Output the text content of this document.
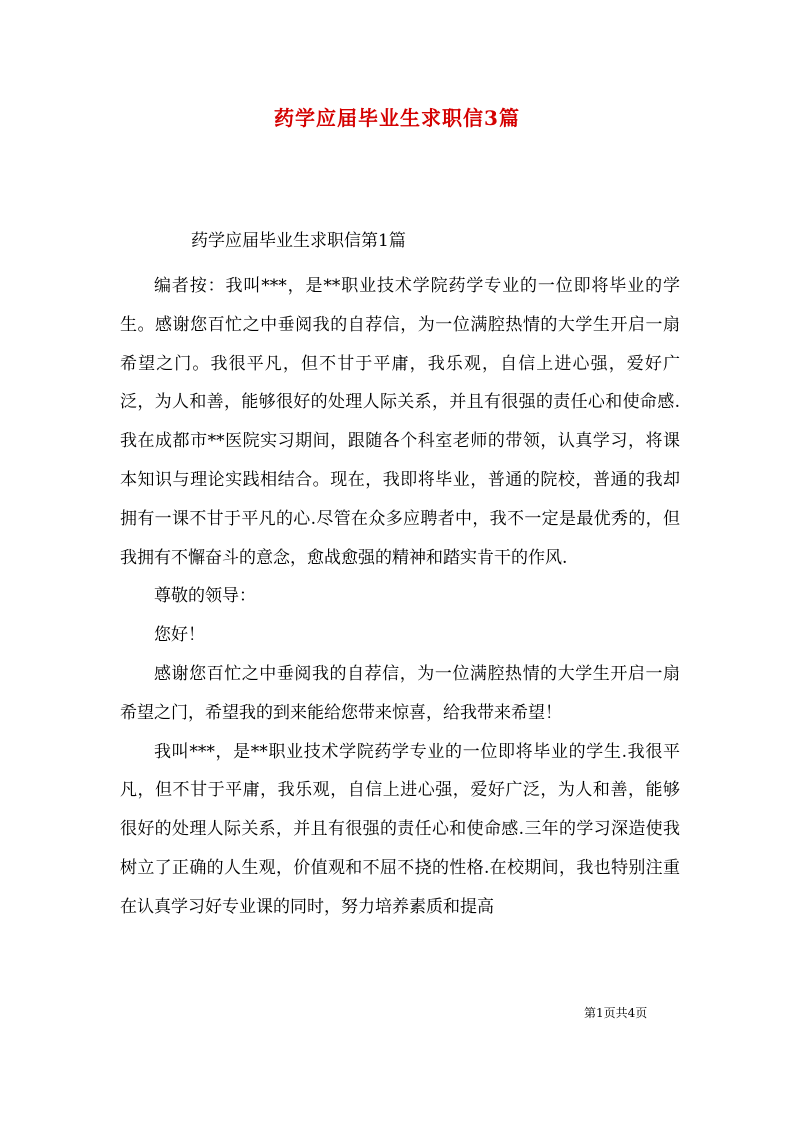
药学应届毕业生求职信3篇

药学应届毕业生求职信第1篇

编者按：我叫***，是**职业技术学院药学专业的一位即将毕业的学生。感谢您百忙之中垂阅我的自荐信，为一位满腔热情的大学生开启一扇希望之门。我很平凡，但不甘于平庸，我乐观，自信上进心强，爱好广泛，为人和善，能够很好的处理人际关系，并且有很强的责任心和使命感.我在成都市**医院实习期间，跟随各个科室老师的带领，认真学习，将课本知识与理论实践相结合。现在，我即将毕业，普通的院校，普通的我却拥有一课不甘于平凡的心.尽管在众多应聘者中，我不一定是最优秀的，但我拥有不懈奋斗的意念，愈战愈强的精神和踏实肯干的作风.

尊敬的领导：

您好！

感谢您百忙之中垂阅我的自荐信，为一位满腔热情的大学生开启一扇希望之门，希望我的到来能给您带来惊喜，给我带来希望！

我叫***，是**职业技术学院药学专业的一位即将毕业的学生.我很平凡，但不甘于平庸，我乐观，自信上进心强，爱好广泛，为人和善，能够很好的处理人际关系，并且有很强的责任心和使命感.三年的学习深造使我树立了正确的人生观，价值观和不屈不挠的性格.在校期间，我也特别注重在认真学习好专业课的同时，努力培养素质和提高

第1页共4页
